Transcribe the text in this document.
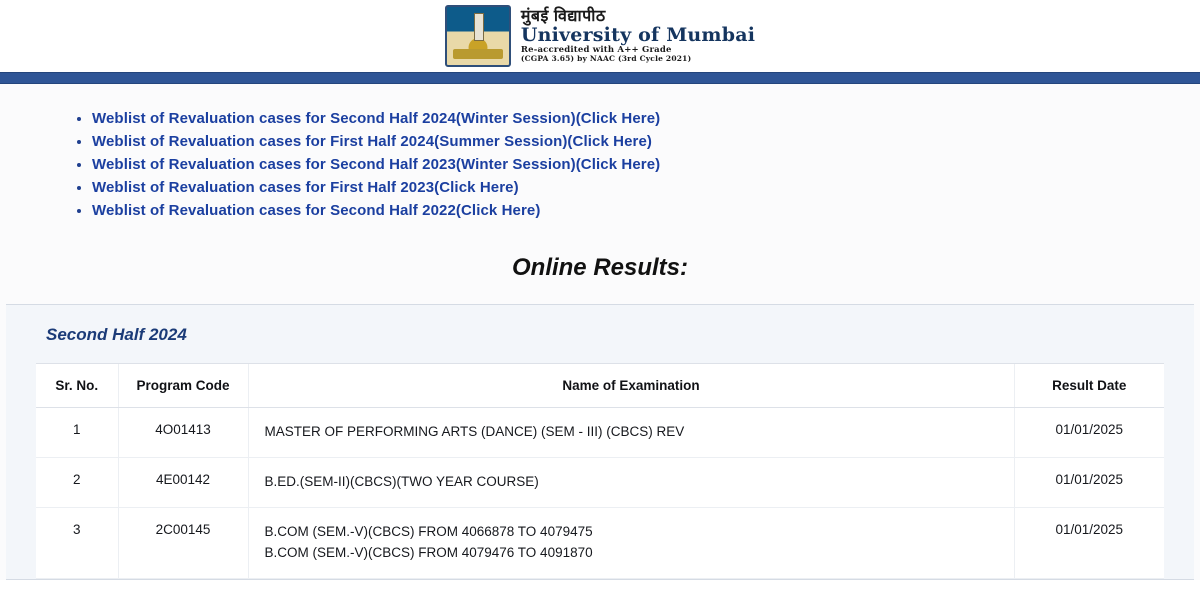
मुंबई विद्यापीठ
University of Mumbai
Re-accredited with A++ Grade
(CGPA 3.65) by NAAC (3rd Cycle 2021)
• Weblist of Revaluation cases for Second Half 2024(Winter Session)(Click Here)
• Weblist of Revaluation cases for First Half 2024(Summer Session)(Click Here)
• Weblist of Revaluation cases for Second Half 2023(Winter Session)(Click Here)
• Weblist of Revaluation cases for First Half 2023(Click Here)
• Weblist of Revaluation cases for Second Half 2022(Click Here)
Online Results:
Second Half 2024
Sr. No.	Program Code	Name of Examination	Result Date
1	4O01413	MASTER OF PERFORMING ARTS (DANCE) (SEM - III) (CBCS) REV	01/01/2025
2	4E00142	B.ED.(SEM-II)(CBCS)(TWO YEAR COURSE)	01/01/2025
3	2C00145	B.COM (SEM.-V)(CBCS) FROM 4066878 TO 4079475
B.COM (SEM.-V)(CBCS) FROM 4079476 TO 4091870	01/01/2025
